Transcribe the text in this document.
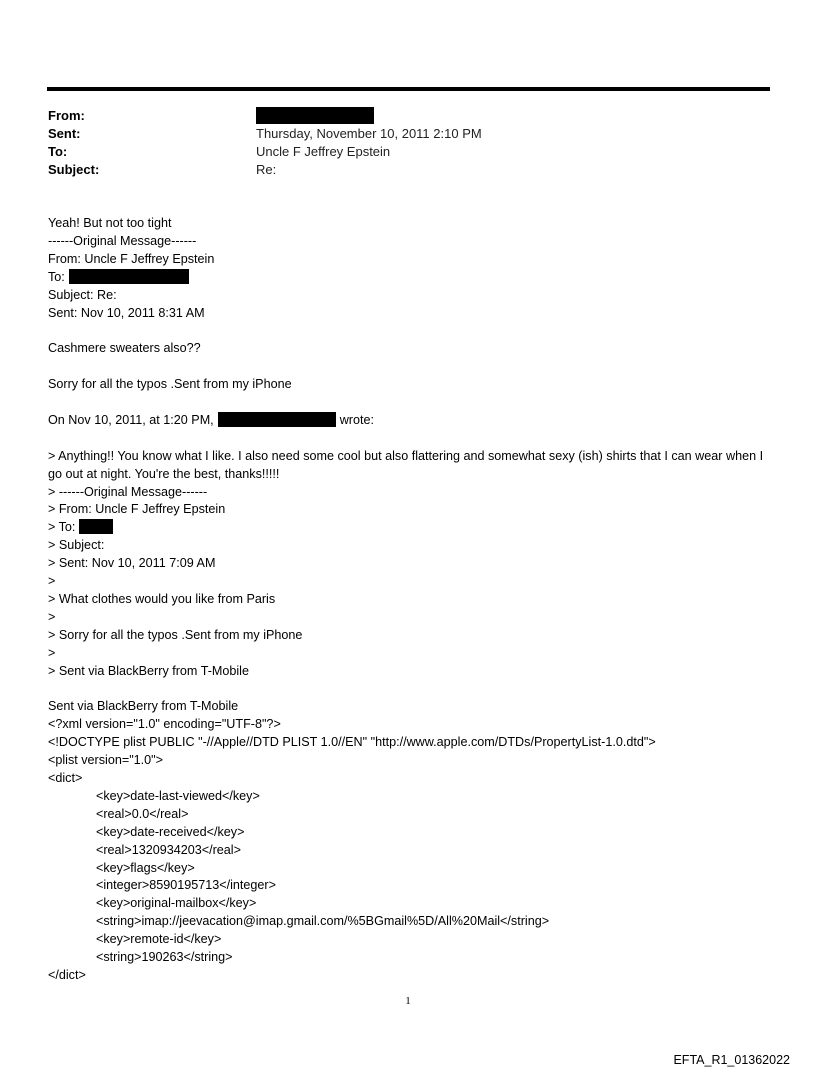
From:
Sent:	Thursday, November 10, 2011 2:10 PM
To:	Uncle F Jeffrey Epstein
Subject:	Re:

Yeah! But not too tight

------Original Message------

From: Uncle F Jeffrey Epstein

To:

Subject: Re:

Sent: Nov 10, 2011 8:31 AM

Cashmere sweaters also??

Sorry for all the typos .Sent from my iPhone

On Nov 10, 2011, at 1:20 PM,	wrote:

> Anything!! You know what I like. I also need some cool but also flattering and somewhat sexy (ish) shirts that I can wear when I go out at night. You're the best, thanks!!!!!

> ------Original Message------

> From: Uncle F Jeffrey Epstein

> To:

> Subject:

> Sent: Nov 10, 2011 7:09 AM

>

> What clothes would you like from Paris

>

> Sorry for all the typos .Sent from my iPhone

>

> Sent via BlackBerry from T-Mobile

Sent via BlackBerry from T-Mobile

<?xml version="1.0" encoding="UTF-8"?>

<!DOCTYPE plist PUBLIC "-//Apple//DTD PLIST 1.0//EN" "http://www.apple.com/DTDs/PropertyList-1.0.dtd">

<plist version="1.0">

<dict>

<key>date-last-viewed</key>

<real>0.0</real>

<key>date-received</key>

<real>1320934203</real>

<key>flags</key>

<integer>8590195713</integer>

<key>original-mailbox</key>

<string>imap://jeevacation@imap.gmail.com/%5BGmail%5D/All%20Mail</string>

<key>remote-id</key>

<string>190263</string>

</dict>

1
EFTA_R1_01362022
